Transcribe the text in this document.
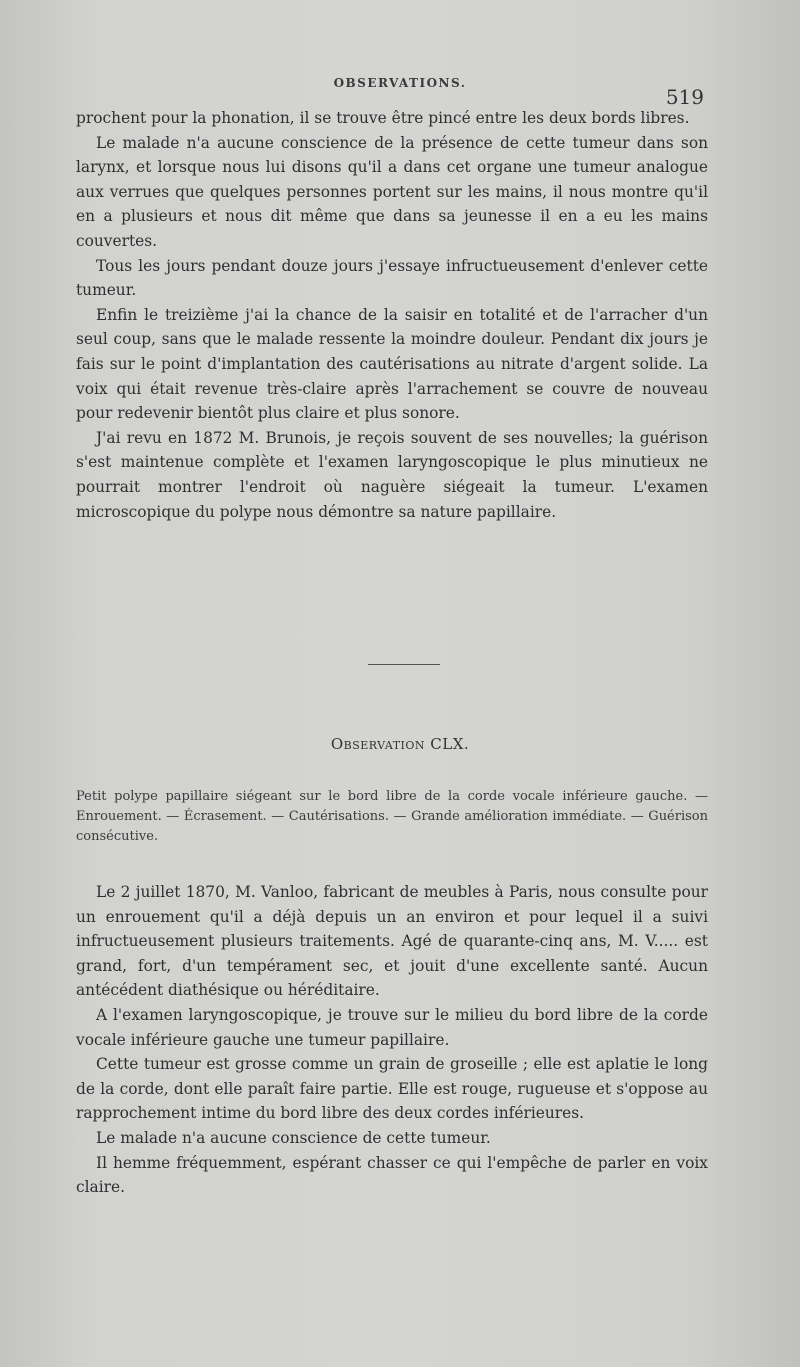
OBSERVATIONS.
519

prochent pour la phonation, il se trouve être pincé entre les deux bords libres.

Le malade n'a aucune conscience de la présence de cette tumeur dans son larynx, et lorsque nous lui disons qu'il a dans cet organe une tumeur analogue aux verrues que quelques personnes portent sur les mains, il nous montre qu'il en a plusieurs et nous dit même que dans sa jeunesse il en a eu les mains couvertes.

Tous les jours pendant douze jours j'essaye infructueusement d'enlever cette tumeur.

Enfin le treizième j'ai la chance de la saisir en totalité et de l'arracher d'un seul coup, sans que le malade ressente la moindre douleur. Pendant dix jours je fais sur le point d'implantation des cautérisations au nitrate d'argent solide. La voix qui était revenue très-claire après l'arrachement se couvre de nouveau pour redevenir bientôt plus claire et plus sonore.

J'ai revu en 1872 M. Brunois, je reçois souvent de ses nouvelles; la guérison s'est maintenue complète et l'examen laryngoscopique le plus minutieux ne pourrait montrer l'endroit où naguère siégeait la tumeur. L'examen microscopique du polype nous démontre sa nature papillaire.

Observation CLX.
Petit polype papillaire siégeant sur le bord libre de la corde vocale inférieure gauche. — Enrouement. — Écrasement. — Cautérisations. — Grande amélioration immédiate. — Guérison consécutive.

Le 2 juillet 1870, M. Vanloo, fabricant de meubles à Paris, nous consulte pour un enrouement qu'il a déjà depuis un an environ et pour lequel il a suivi infructueusement plusieurs traitements. Agé de quarante-cinq ans, M. V..... est grand, fort, d'un tempérament sec, et jouit d'une excellente santé. Aucun antécédent diathésique ou héréditaire.

A l'examen laryngoscopique, je trouve sur le milieu du bord libre de la corde vocale inférieure gauche une tumeur papillaire.

Cette tumeur est grosse comme un grain de groseille ; elle est aplatie le long de la corde, dont elle paraît faire partie. Elle est rouge, rugueuse et s'oppose au rapprochement intime du bord libre des deux cordes inférieures.

Le malade n'a aucune conscience de cette tumeur.

Il hemme fréquemment, espérant chasser ce qui l'empêche de parler en voix claire.
